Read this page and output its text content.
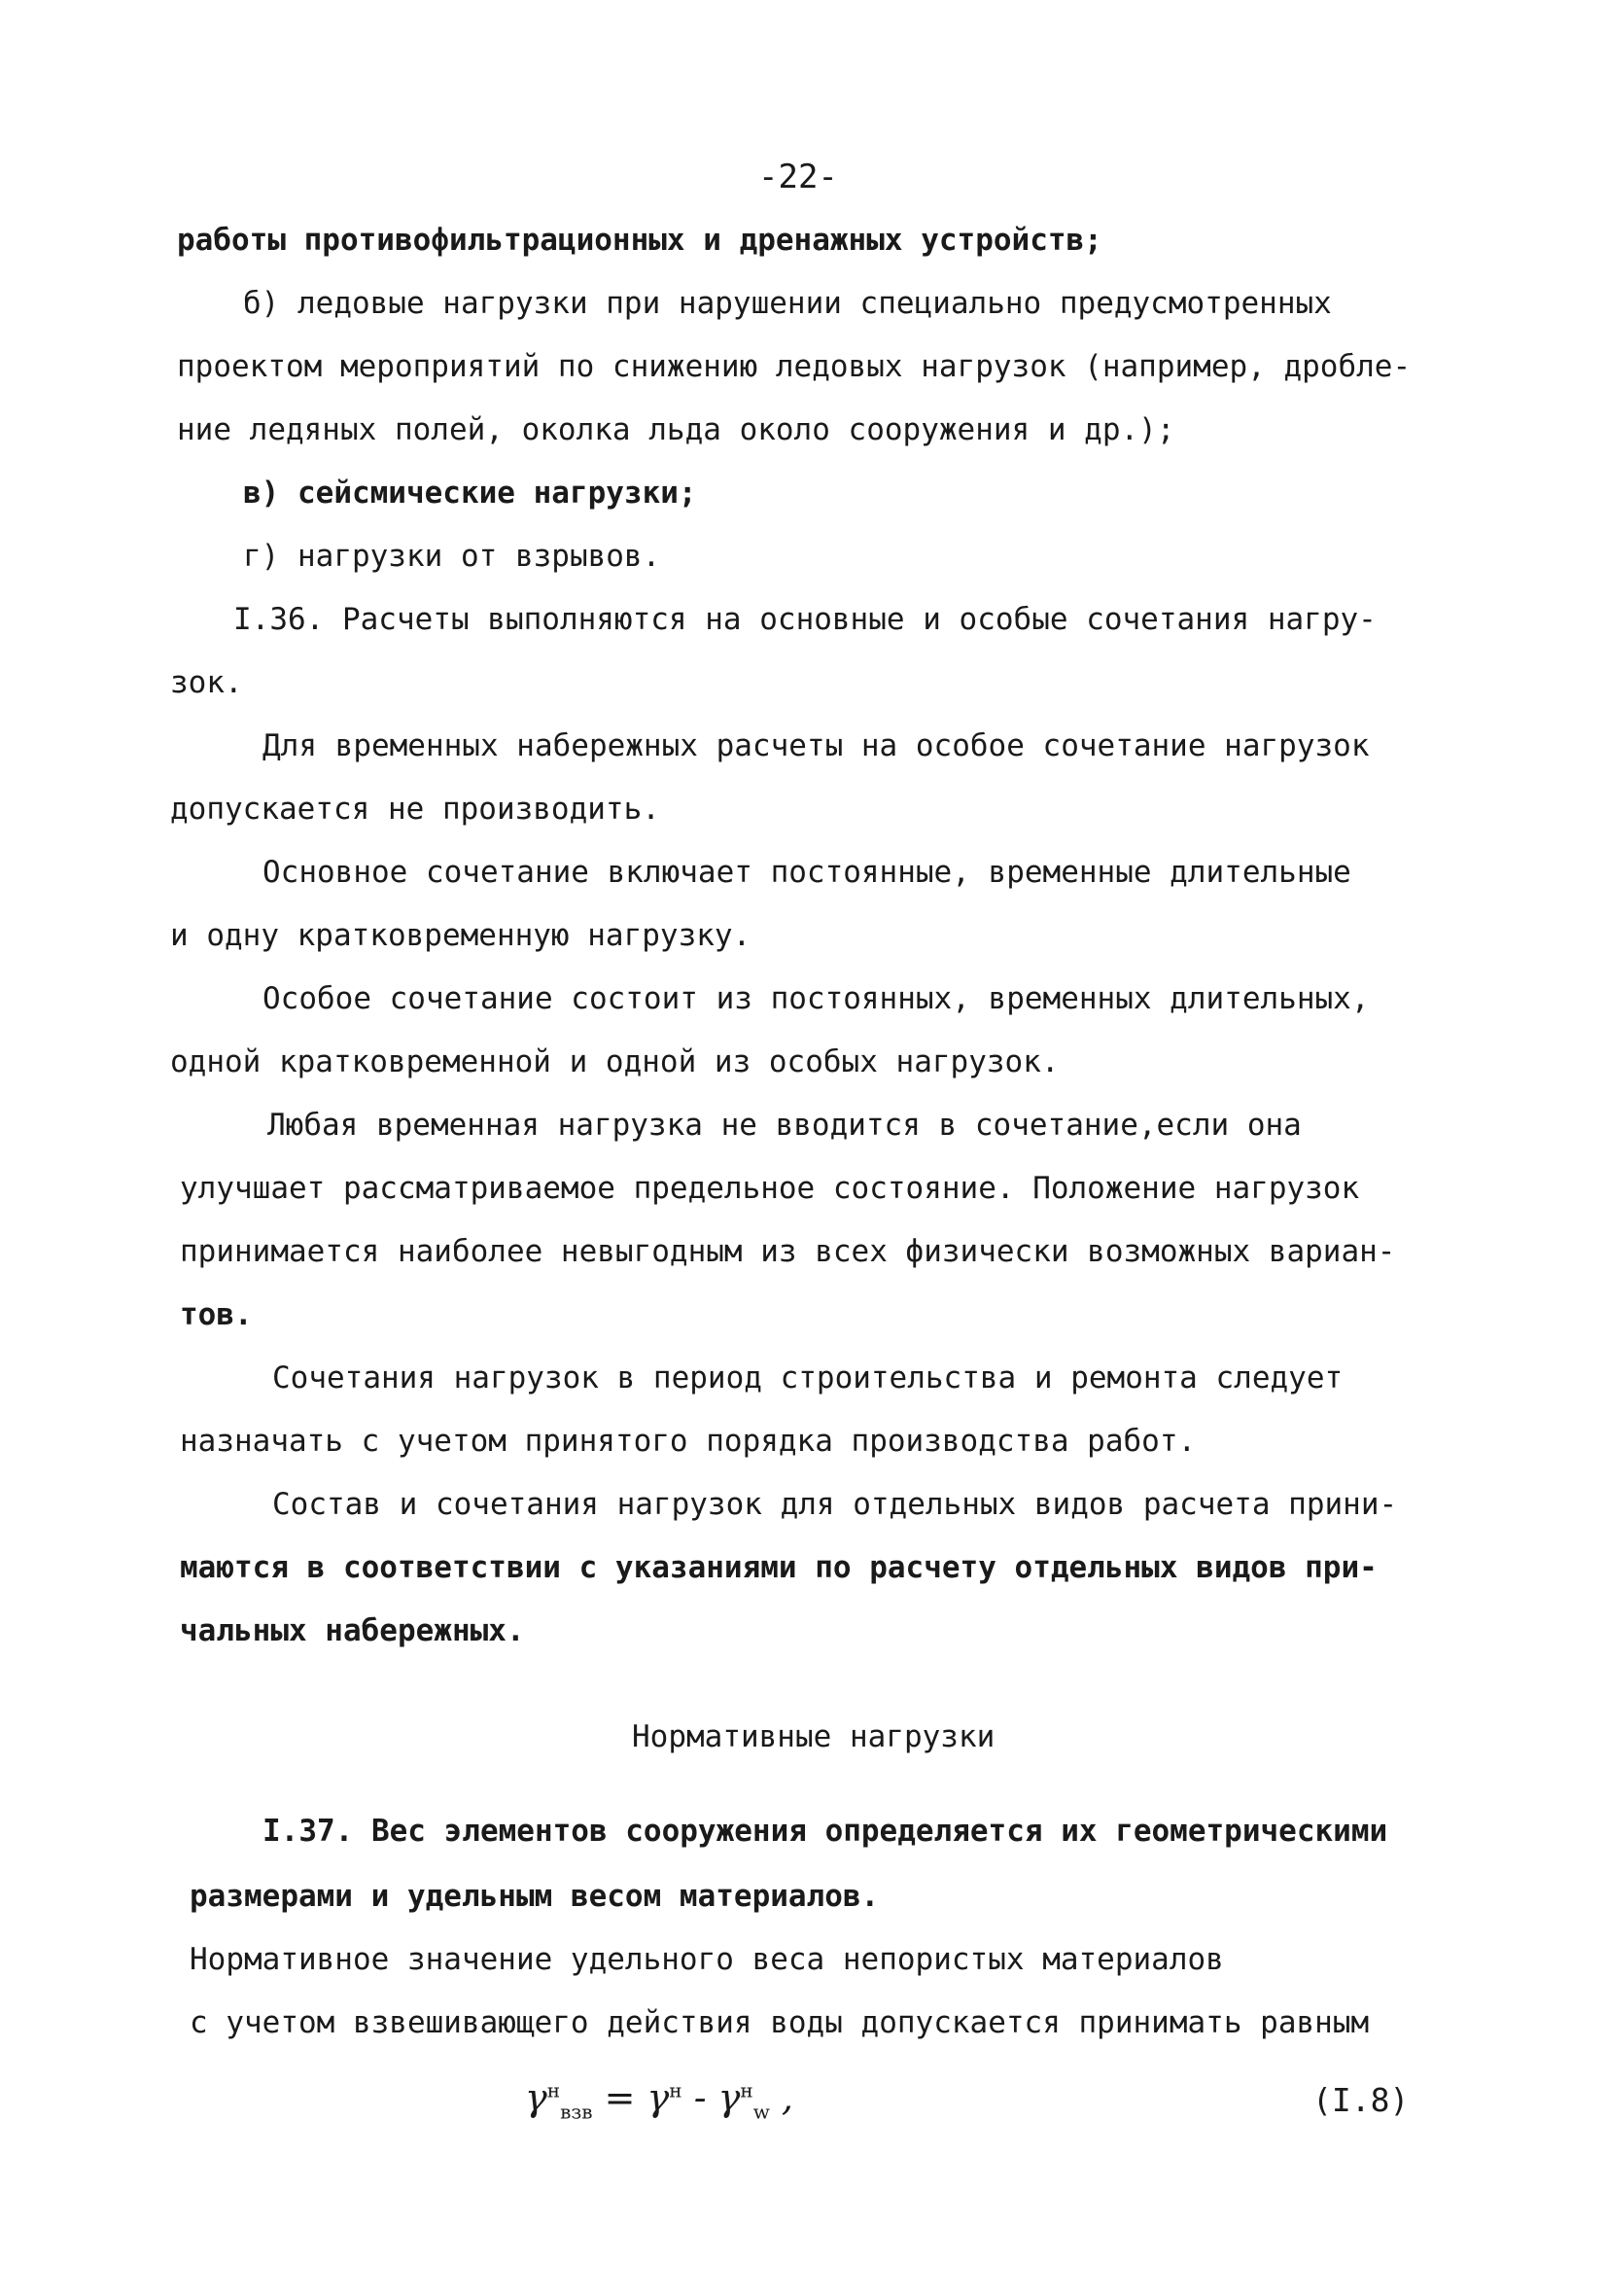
-22-
работы противофильтрационных и дренажных устройств;
б) ледовые нагрузки при нарушении специально предусмотренных
проектом мероприятий по снижению ледовых нагрузок (например, дробле-
ние ледяных полей, околка льда около сооружения и др.);
в) сейсмические нагрузки;
г) нагрузки от взрывов.
I.36. Расчеты выполняются на основные и особые сочетания нагру-
зок.
Для временных набережных расчеты на особое сочетание нагрузок
допускается не производить.
Основное сочетание включает постоянные, временные длительные
и одну кратковременную нагрузку.
Особое сочетание состоит из постоянных, временных длительных,
одной кратковременной и одной из особых нагрузок.
Любая временная нагрузка не вводится в сочетание,если она
улучшает рассматриваемое предельное состояние. Положение нагрузок
принимается наиболее невыгодным из всех физически возможных вариан-
тов.
Сочетания нагрузок в период строительства и ремонта следует
назначать с учетом принятого порядка производства работ.
Состав и сочетания нагрузок для отдельных видов расчета прини-
маются в соответствии с указаниями по расчету отдельных видов при-
чальных набережных.
Нормативные нагрузки
I.37. Вес элементов сооружения определяется их геометрическими
размерами и удельным весом материалов.
Нормативное значение удельного веса непористых материалов
с учетом взвешивающего действия воды допускается принимать равным
$\gamma^н_{взв} = \gamma^н - \gamma^н_w$ ,	(I.8)
